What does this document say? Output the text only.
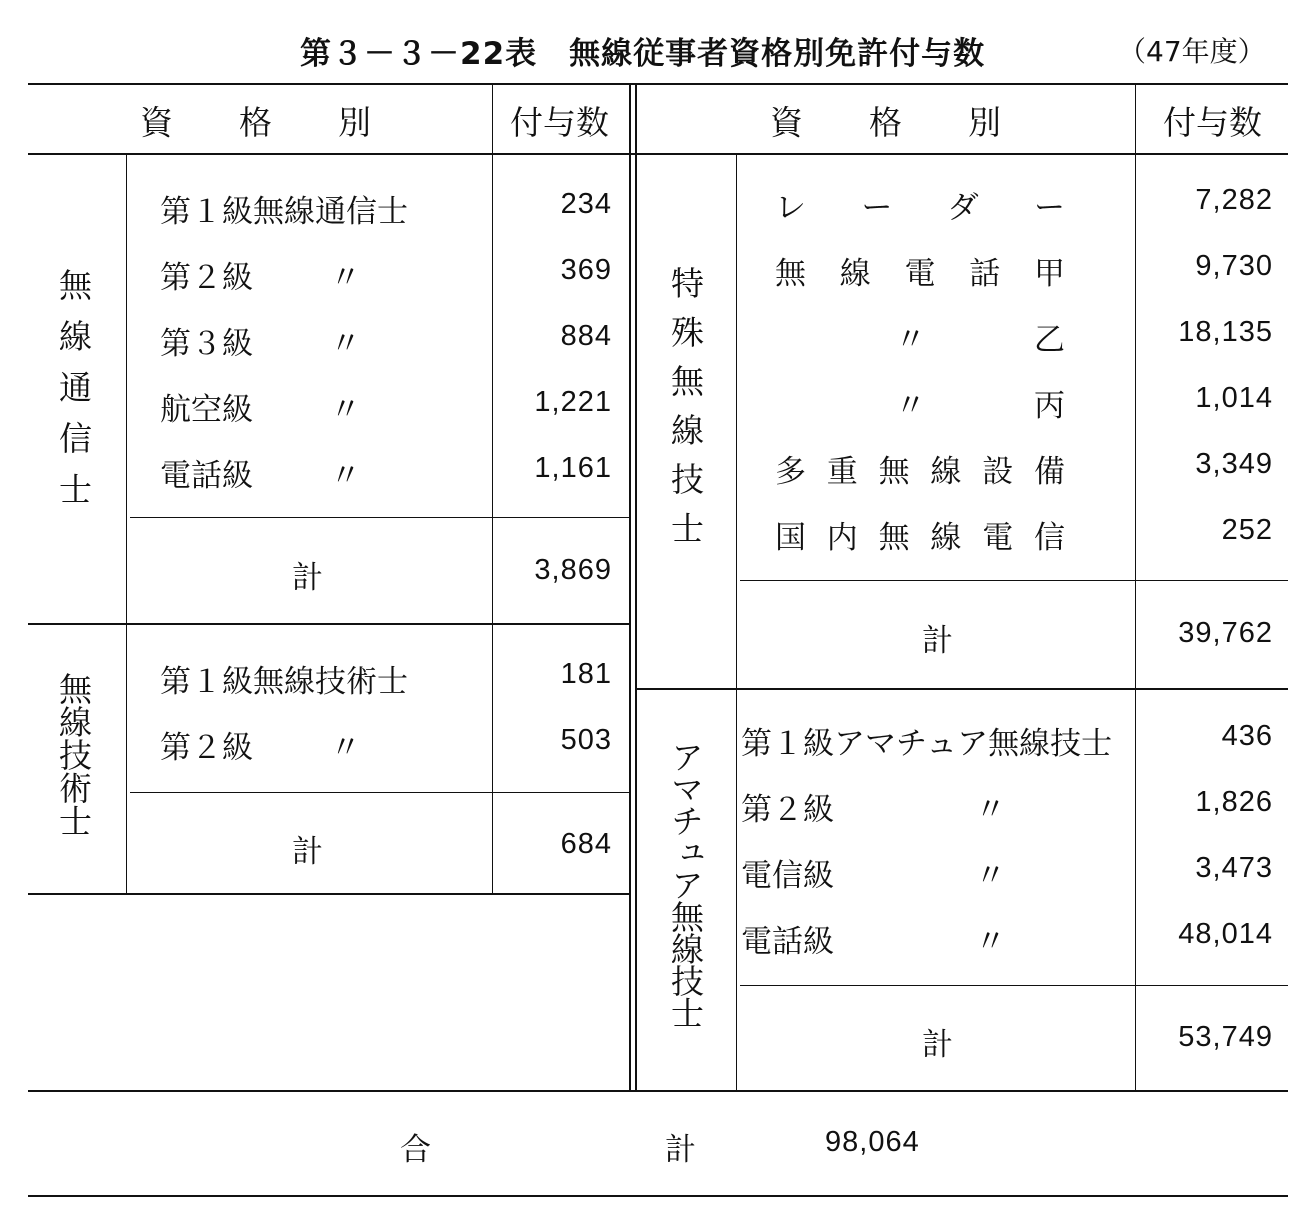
第３－３－22表　無線従事者資格別免許付与数	（47年度）
資　　格　　別	付与数	資　　格　　別	付与数
無線通信士
第１級無線通信士	234
第２級 〃	369
第３級 〃	884
航空級 〃	1,221
電話級 〃	1,161
計	3,869
無線技術士 第１級無線技術士	181
第２級 〃	503
計	684
特殊無線技士
レ ー ダ ー	7,282
無 線 電 話 甲	9,730
〃	乙	18,135
〃	丙	1,014
多 重 無 線 設 備	3,349
国 内 無 線 電 信	252
計	39,762
アマチュア無線技士 第１級アマチュア無線技士	436
第２級	〃	1,826
電信級	〃	3,473
電話級	〃	48,014
計	53,749
合	計	98,064
